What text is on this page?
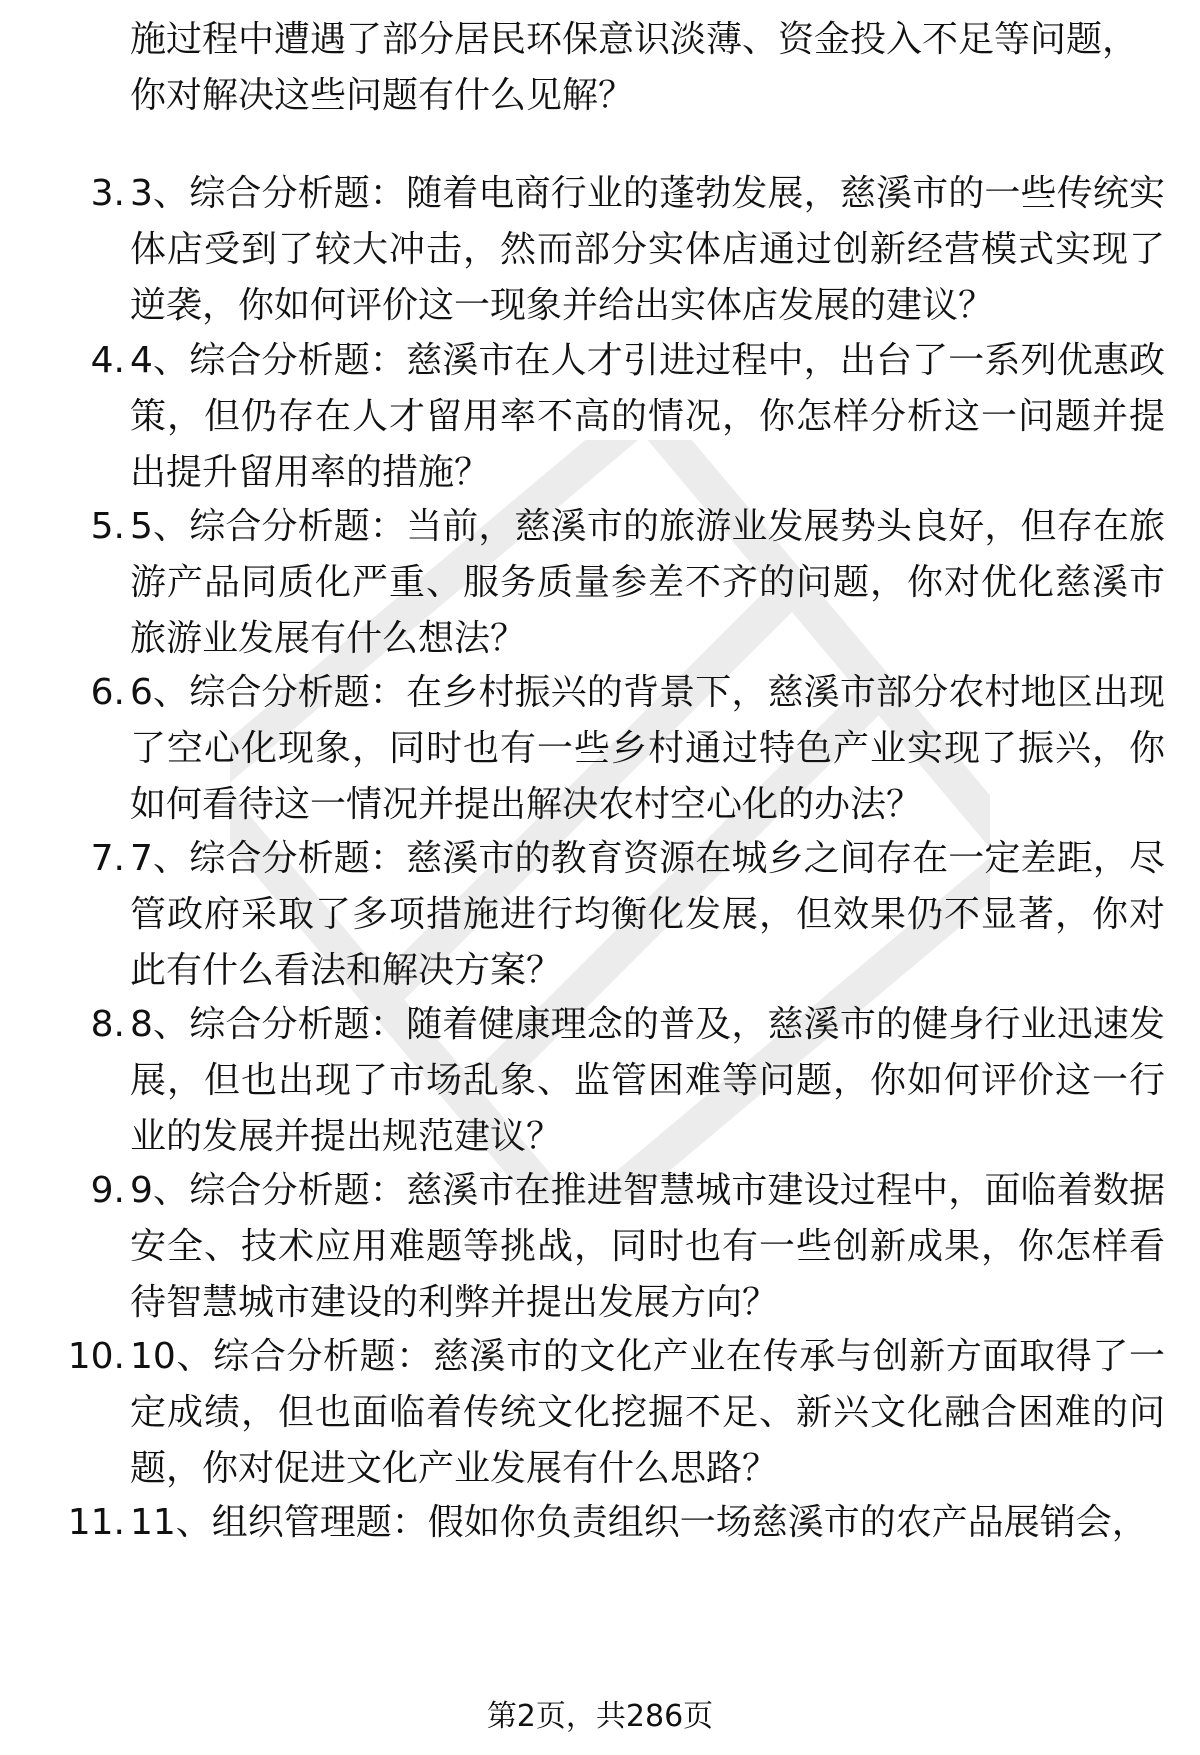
施过程中遭遇了部分居民环保意识淡薄、资金投入不足等问题，你对解决这些问题有什么见解？

3. 3、综合分析题：随着电商行业的蓬勃发展，慈溪市的一些传统实体店受到了较大冲击，然而部分实体店通过创新经营模式实现了逆袭，你如何评价这一现象并给出实体店发展的建议？

4. 4、综合分析题：慈溪市在人才引进过程中，出台了一系列优惠政策，但仍存在人才留用率不高的情况，你怎样分析这一问题并提出提升留用率的措施？

5. 5、综合分析题：当前，慈溪市的旅游业发展势头良好，但存在旅游产品同质化严重、服务质量参差不齐的问题，你对优化慈溪市旅游业发展有什么想法？

6. 6、综合分析题：在乡村振兴的背景下，慈溪市部分农村地区出现了空心化现象，同时也有一些乡村通过特色产业实现了振兴，你如何看待这一情况并提出解决农村空心化的办法？

7. 7、综合分析题：慈溪市的教育资源在城乡之间存在一定差距，尽管政府采取了多项措施进行均衡化发展，但效果仍不显著，你对此有什么看法和解决方案？

8. 8、综合分析题：随着健康理念的普及，慈溪市的健身行业迅速发展，但也出现了市场乱象、监管困难等问题，你如何评价这一行业的发展并提出规范建议？

9. 9、综合分析题：慈溪市在推进智慧城市建设过程中，面临着数据安全、技术应用难题等挑战，同时也有一些创新成果，你怎样看待智慧城市建设的利弊并提出发展方向？

10. 10、综合分析题：慈溪市的文化产业在传承与创新方面取得了一定成绩，但也面临着传统文化挖掘不足、新兴文化融合困难的问题，你对促进文化产业发展有什么思路？

11. 11、组织管理题：假如你负责组织一场慈溪市的农产品展销会，

第2页，共286页
